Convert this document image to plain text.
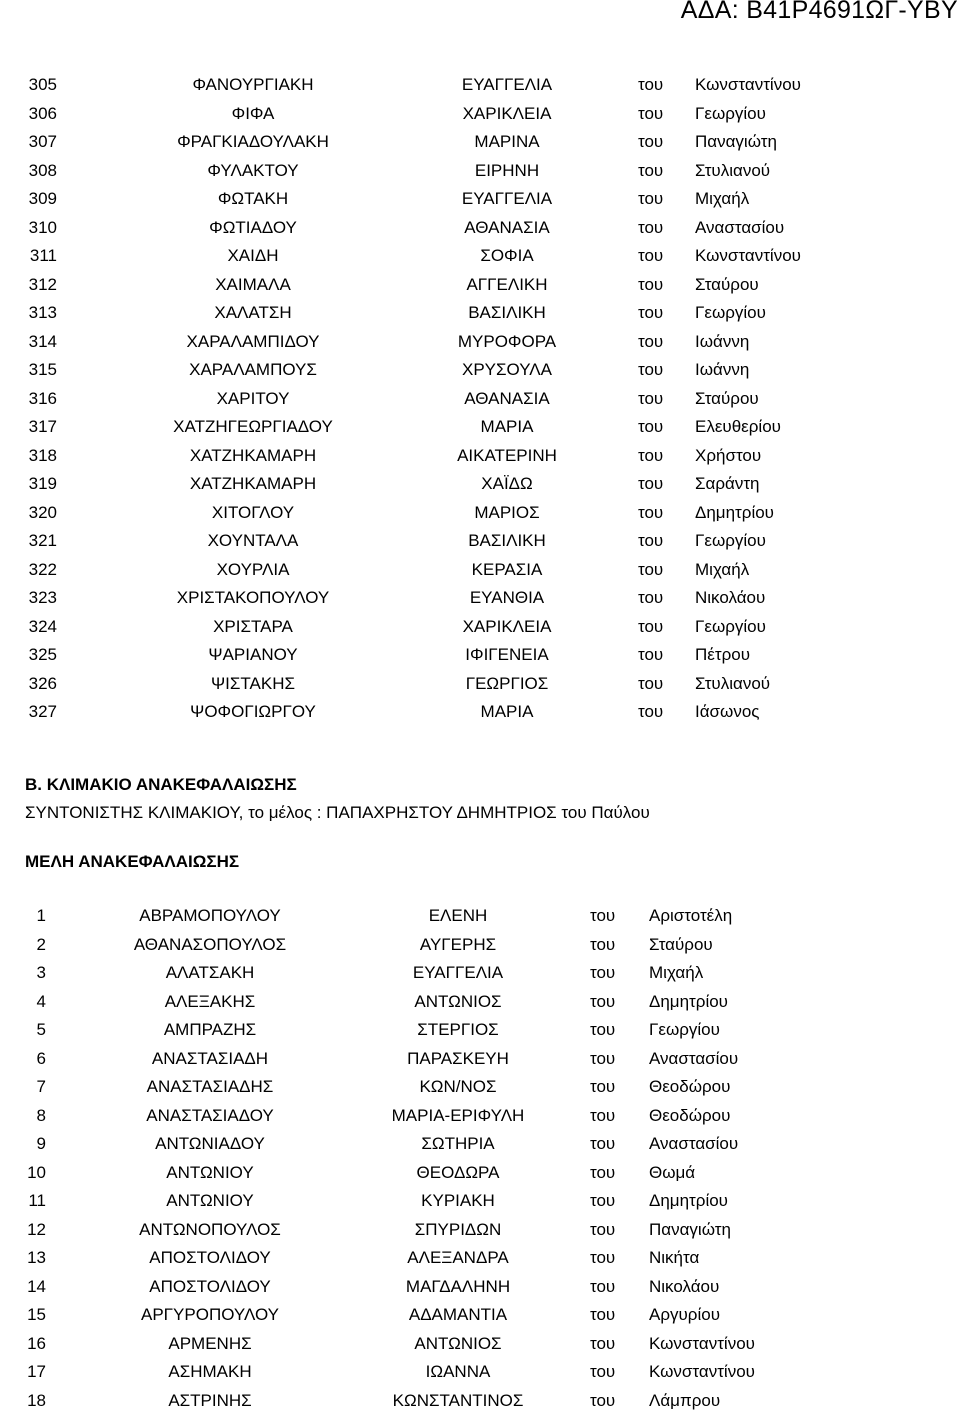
ΑΔΑ: Β41Ρ4691ΩΓ-ΥΒΥ
305	ΦΑΝΟΥΡΓΙΑΚΗ	ΕΥΑΓΓΕΛΙΑ	του Κωνσταντίνου
306	ΦΙΦΑ	ΧΑΡΙΚΛΕΙΑ	του Γεωργίου
307	ΦΡΑΓΚΙΑΔΟΥΛΑΚΗ	ΜΑΡΙΝΑ	του Παναγιώτη
308	ΦΥΛΑΚΤΟΥ	ΕΙΡΗΝΗ	του Στυλιανού
309	ΦΩΤΑΚΗ	ΕΥΑΓΓΕΛΙΑ	του Μιχαήλ
310	ΦΩΤΙΑΔΟΥ	ΑΘΑΝΑΣΙΑ	του Αναστασίου
311	ΧΑΙΔΗ	ΣΟΦΙΑ	του Κωνσταντίνου
312	ΧΑΙΜΑΛΑ	ΑΓΓΕΛΙΚΗ	του Σταύρου
313	ΧΑΛΑΤΣΗ	ΒΑΣΙΛΙΚΗ	του Γεωργίου
314	ΧΑΡΑΛΑΜΠΙΔΟΥ	ΜΥΡΟΦΟΡΑ	του Ιωάννη
315	ΧΑΡΑΛΑΜΠΟΥΣ	ΧΡΥΣΟΥΛΑ	του Ιωάννη
316	ΧΑΡΙΤΟΥ	ΑΘΑΝΑΣΙΑ	του Σταύρου
317	ΧΑΤΖΗΓΕΩΡΓΙΑΔΟΥ	ΜΑΡΙΑ	του Ελευθερίου
318	ΧΑΤΖΗΚΑΜΑΡΗ	ΑΙΚΑΤΕΡΙΝΗ	του Χρήστου
319	ΧΑΤΖΗΚΑΜΑΡΗ	ΧΑΪΔΩ	του Σαράντη
320	ΧΙΤΟΓΛΟΥ	ΜΑΡΙΟΣ	του Δημητρίου
321	ΧΟΥΝΤΑΛΑ	ΒΑΣΙΛΙΚΗ	του Γεωργίου
322	ΧΟΥΡΛΙΑ	ΚΕΡΑΣΙΑ	του Μιχαήλ
323	ΧΡΙΣΤΑΚΟΠΟΥΛΟΥ	ΕΥΑΝΘΙΑ	του Νικολάου
324	ΧΡΙΣΤΑΡΑ	ΧΑΡΙΚΛΕΙΑ	του Γεωργίου
325	ΨΑΡΙΑΝΟΥ	ΙΦΙΓΕΝΕΙΑ	του Πέτρου
326	ΨΙΣΤΑΚΗΣ	ΓΕΩΡΓΙΟΣ	του Στυλιανού
327	ΨΟΦΟΓΙΩΡΓΟΥ	ΜΑΡΙΑ	του Ιάσωνος
Β. ΚΛΙΜΑΚΙΟ ΑΝΑΚΕΦΑΛΑΙΩΣΗΣ
ΣΥΝΤΟΝΙΣΤΗΣ ΚΛΙΜΑΚΙΟΥ, το μέλος : ΠΑΠΑΧΡΗΣΤΟΥ ΔΗΜΗΤΡΙΟΣ του Παύλου
ΜΕΛΗ ΑΝΑΚΕΦΑΛΑΙΩΣΗΣ
1	ΑΒΡΑΜΟΠΟΥΛΟΥ	ΕΛΕΝΗ	του Αριστοτέλη
2	ΑΘΑΝΑΣΟΠΟΥΛΟΣ	ΑΥΓΕΡΗΣ	του Σταύρου
3	ΑΛΑΤΣΑΚΗ	ΕΥΑΓΓΕΛΙΑ	του Μιχαήλ
4	ΑΛΕΞΑΚΗΣ	ΑΝΤΩΝΙΟΣ	του Δημητρίου
5	ΑΜΠΡΑΖΗΣ	ΣΤΕΡΓΙΟΣ	του Γεωργίου
6	ΑΝΑΣΤΑΣΙΑΔΗ	ΠΑΡΑΣΚΕΥΗ	του Αναστασίου
7	ΑΝΑΣΤΑΣΙΑΔΗΣ	ΚΩΝ/ΝΟΣ	του Θεοδώρου
8	ΑΝΑΣΤΑΣΙΑΔΟΥ	ΜΑΡΙΑ-ΕΡΙΦΥΛΗ	του Θεοδώρου
9	ΑΝΤΩΝΙΑΔΟΥ	ΣΩΤΗΡΙΑ	του Αναστασίου
10	ΑΝΤΩΝΙΟΥ	ΘΕΟΔΩΡΑ	του Θωμά
11	ΑΝΤΩΝΙΟΥ	ΚΥΡΙΑΚΗ	του Δημητρίου
12	ΑΝΤΩΝΟΠΟΥΛΟΣ	ΣΠΥΡΙΔΩΝ	του Παναγιώτη
13	ΑΠΟΣΤΟΛΙΔΟΥ	ΑΛΕΞΑΝΔΡΑ	του Νικήτα
14	ΑΠΟΣΤΟΛΙΔΟΥ	ΜΑΓΔΑΛΗΝΗ	του Νικολάου
15	ΑΡΓΥΡΟΠΟΥΛΟΥ	ΑΔΑΜΑΝΤΙΑ	του Αργυρίου
16	ΑΡΜΕΝΗΣ	ΑΝΤΩΝΙΟΣ	του Κωνσταντίνου
17	ΑΣΗΜΑΚΗ	ΙΩΑΝΝΑ	του Κωνσταντίνου
18	ΑΣΤΡΙΝΗΣ	ΚΩΝΣΤΑΝΤΙΝΟΣ	του Λάμπρου
